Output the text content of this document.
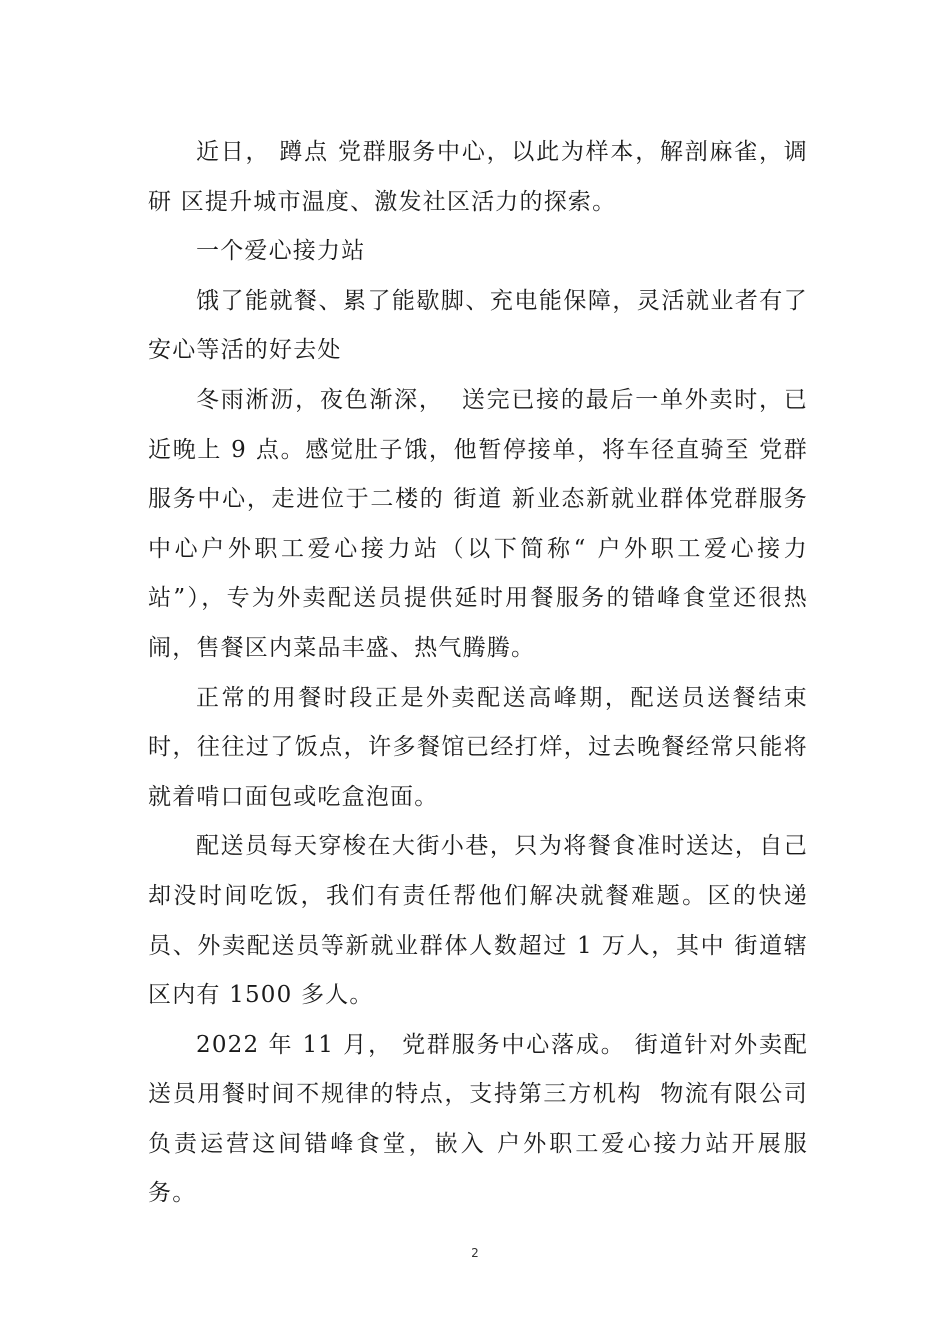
近日， 蹲点 党群服务中心，以此为样本，解剖麻雀，调研 区提升城市温度、激发社区活力的探索。

一个爱心接力站

饿了能就餐、累了能歇脚、充电能保障，灵活就业者有了安心等活的好去处

冬雨淅沥，夜色渐深，  送完已接的最后一单外卖时，已近晚上 9 点。感觉肚子饿，他暂停接单，将车径直骑至 党群服务中心，走进位于二楼的 街道 新业态新就业群体党群服务中心户外职工爱心接力站（以下简称“ 户外职工爱心接力站”），专为外卖配送员提供延时用餐服务的错峰食堂还很热闹，售餐区内菜品丰盛、热气腾腾。

正常的用餐时段正是外卖配送高峰期，配送员送餐结束时，往往过了饭点，许多餐馆已经打烊，过去晚餐经常只能将就着啃口面包或吃盒泡面。

配送员每天穿梭在大街小巷，只为将餐食准时送达，自己却没时间吃饭，我们有责任帮他们解决就餐难题。区的快递员、外卖配送员等新就业群体人数超过 1 万人，其中 街道辖区内有 1500 多人。

2022 年 11 月， 党群服务中心落成。 街道针对外卖配送员用餐时间不规律的特点，支持第三方机构  物流有限公司负责运营这间错峰食堂，嵌入 户外职工爱心接力站开展服务。

2
